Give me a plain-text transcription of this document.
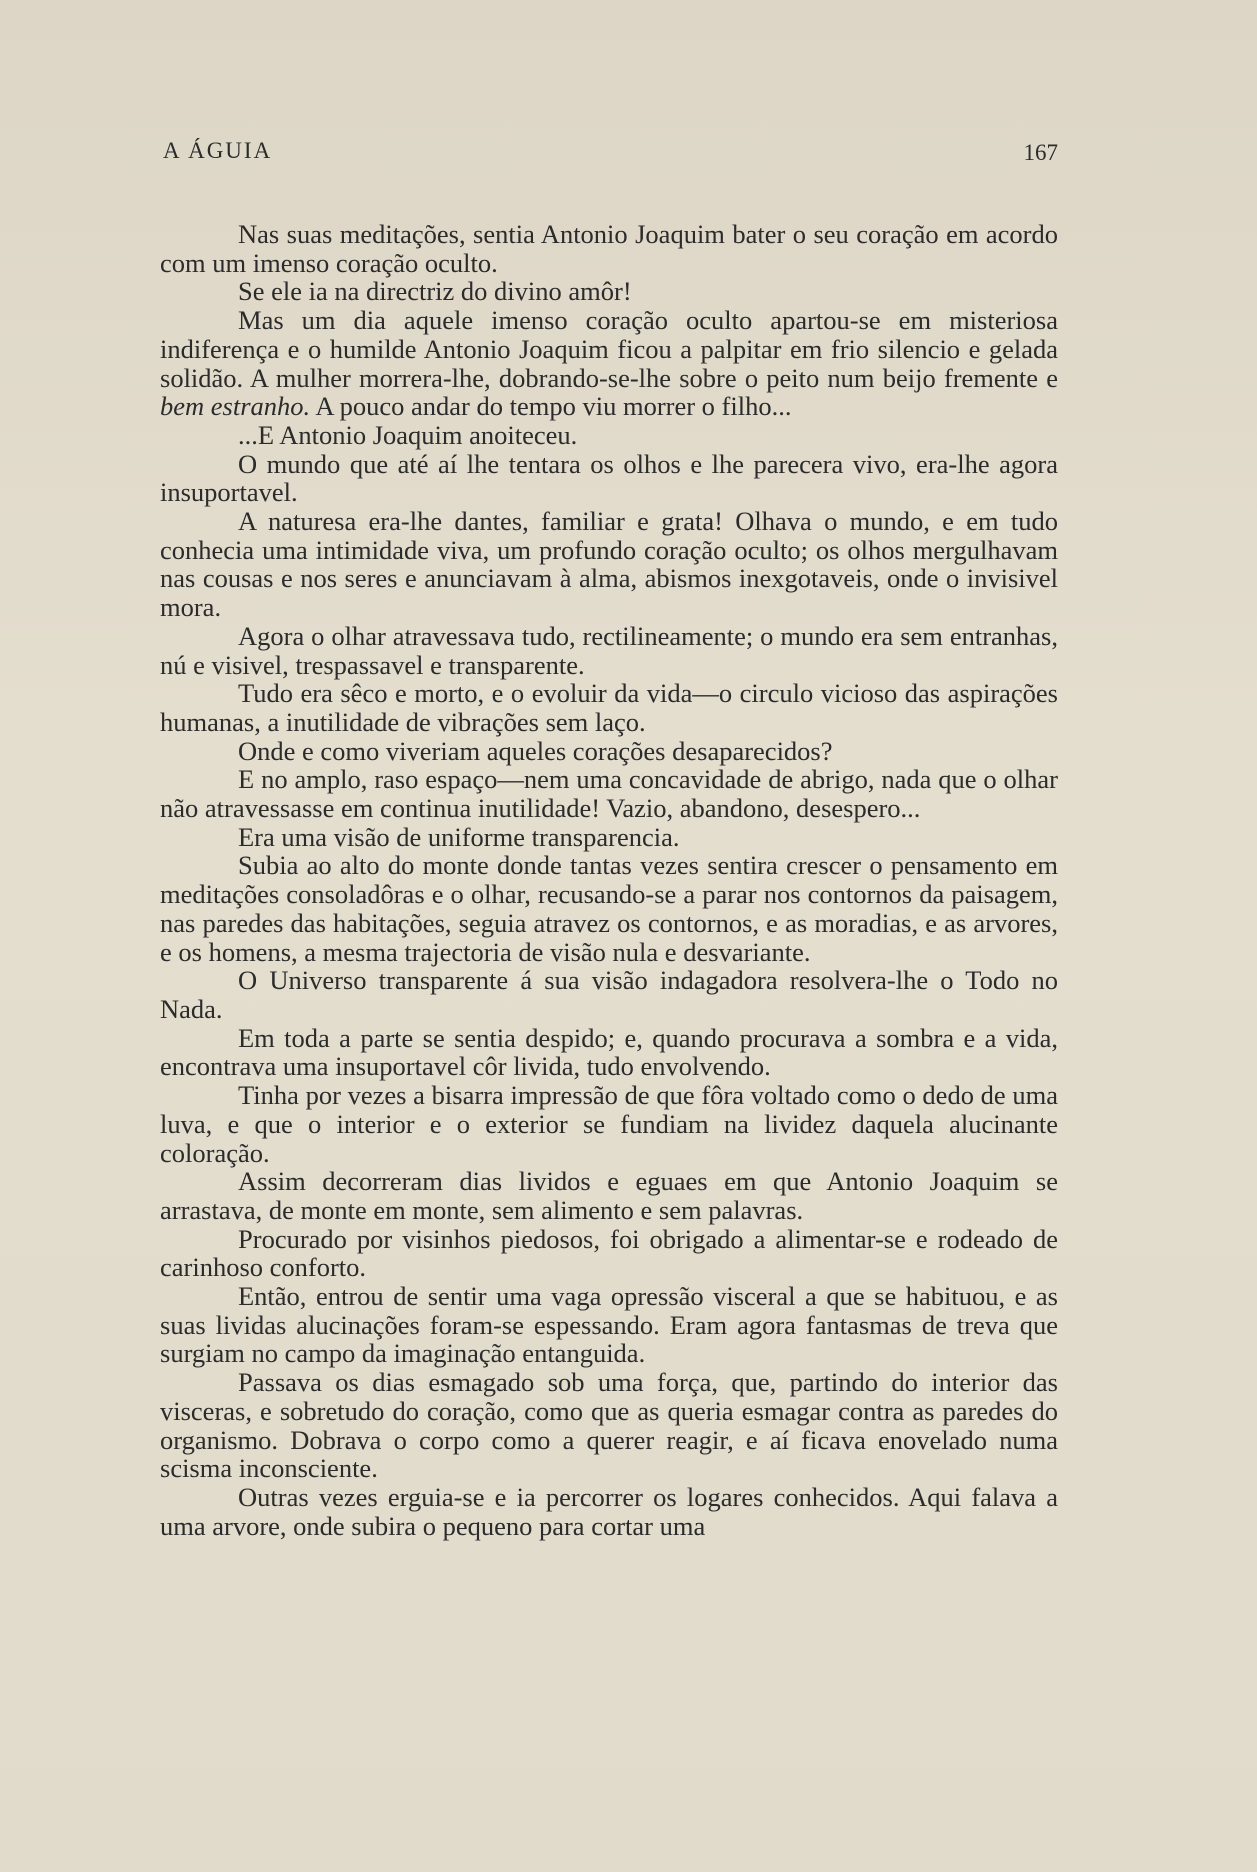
A ÁGUIA	167

Nas suas meditações, sentia Antonio Joaquim bater o seu coração em acordo com um imenso coração oculto.

Se ele ia na directriz do divino amôr!

Mas um dia aquele imenso coração oculto apartou-se em misteriosa indiferença e o humilde Antonio Joaquim ficou a palpitar em frio silencio e gelada solidão. A mulher morrera-lhe, dobrando-se-lhe sobre o peito num beijo fremente e bem estranho. A pouco andar do tempo viu morrer o filho...

...E Antonio Joaquim anoiteceu.

O mundo que até aí lhe tentara os olhos e lhe parecera vivo, era-lhe agora insuportavel.

A naturesa era-lhe dantes, familiar e grata! Olhava o mundo, e em tudo conhecia uma intimidade viva, um profundo coração oculto; os olhos mergulhavam nas cousas e nos seres e anunciavam à alma, abismos inexgotaveis, onde o invisivel mora.

Agora o olhar atravessava tudo, rectilineamente; o mundo era sem entranhas, nú e visivel, trespassavel e transparente.

Tudo era sêco e morto, e o evoluir da vida—o circulo vicioso das aspirações humanas, a inutilidade de vibrações sem laço.

Onde e como viveriam aqueles corações desaparecidos?

E no amplo, raso espaço—nem uma concavidade de abrigo, nada que o olhar não atravessasse em continua inutilidade! Vazio, abandono, desespero...

Era uma visão de uniforme transparencia.

Subia ao alto do monte donde tantas vezes sentira crescer o pensamento em meditações consoladôras e o olhar, recusando-se a parar nos contornos da paisagem, nas paredes das habitações, seguia atravez os contornos, e as moradias, e as arvores, e os homens, a mesma trajectoria de visão nula e desvariante.

O Universo transparente á sua visão indagadora resolvera-lhe o Todo no Nada.

Em toda a parte se sentia despido; e, quando procurava a sombra e a vida, encontrava uma insuportavel côr livida, tudo envolvendo.

Tinha por vezes a bisarra impressão de que fôra voltado como o dedo de uma luva, e que o interior e o exterior se fundiam na lividez daquela alucinante coloração.

Assim decorreram dias lividos e eguaes em que Antonio Joaquim se arrastava, de monte em monte, sem alimento e sem palavras.

Procurado por visinhos piedosos, foi obrigado a alimentar-se e rodeado de carinhoso conforto.

Então, entrou de sentir uma vaga opressão visceral a que se habituou, e as suas lividas alucinações foram-se espessando. Eram agora fantasmas de treva que surgiam no campo da imaginação entanguida.

Passava os dias esmagado sob uma força, que, partindo do interior das visceras, e sobretudo do coração, como que as queria esmagar contra as paredes do organismo. Dobrava o corpo como a querer reagir, e aí ficava enovelado numa scisma inconsciente.

Outras vezes erguia-se e ia percorrer os logares conhecidos. Aqui falava a uma arvore, onde subira o pequeno para cortar uma
